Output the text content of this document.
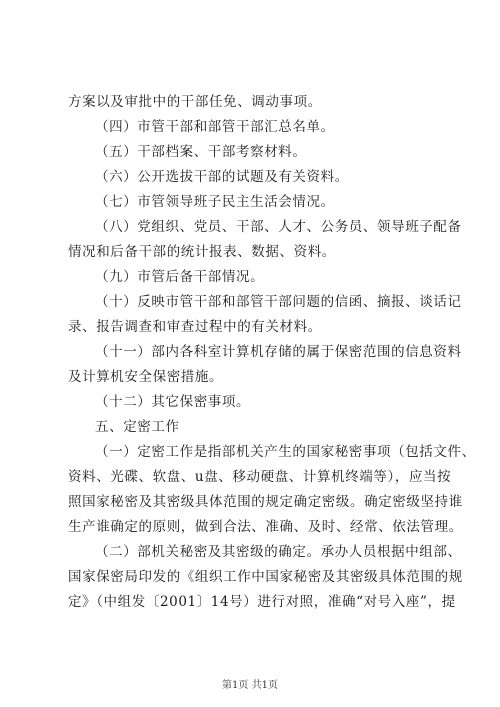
方案以及审批中的干部任免、调动事项。
（四）市管干部和部管干部汇总名单。
（五）干部档案、干部考察材料。
（六）公开选拔干部的试题及有关资料。
（七）市管领导班子民主生活会情况。
（八）党组织、党员、干部、人才、公务员、领导班子配备
情况和后备干部的统计报表、数据、资料。
（九）市管后备干部情况。
（十）反映市管干部和部管干部问题的信函、摘报、谈话记
录、报告调查和审查过程中的有关材料。
（十一）部内各科室计算机存储的属于保密范围的信息资料
及计算机安全保密措施。
（十二）其它保密事项。
五、定密工作
（一）定密工作是指部机关产生的国家秘密事项（包括文件、
资料、光碟、软盘、u盘、移动硬盘、计算机终端等），应当按
照国家秘密及其密级具体范围的规定确定密级。确定密级坚持谁
生产谁确定的原则，做到合法、准确、及时、经常、依法管理。
（二）部机关秘密及其密级的确定。承办人员根据中组部、
国家保密局印发的《组织工作中国家秘密及其密级具体范围的规
定》（中组发〔2001〕14号）进行对照，准确“对号入座”，提
第1页 共1页
